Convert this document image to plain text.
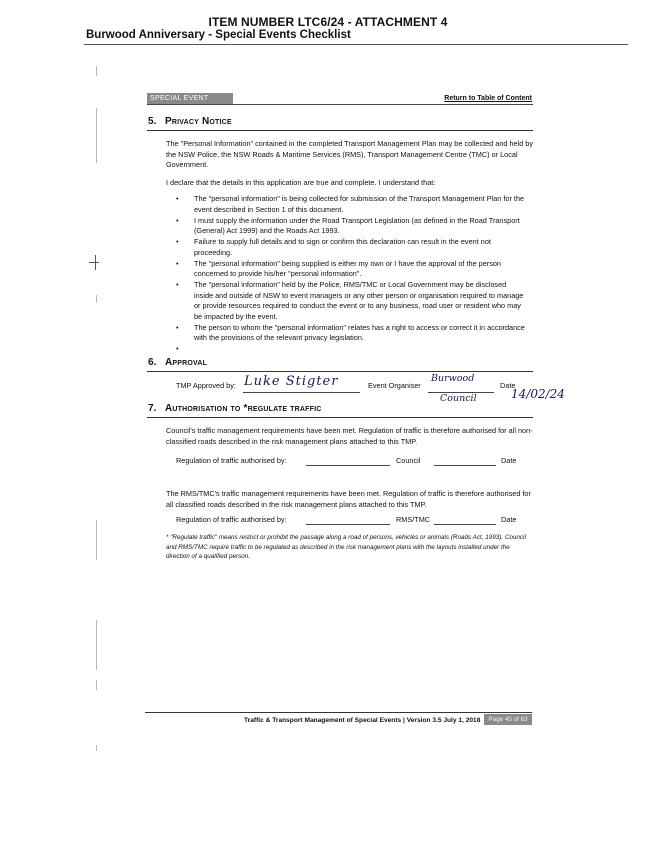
ITEM NUMBER LTC6/24 - ATTACHMENT 4
Burwood Anniversary - Special Events Checklist
SPECIAL EVENT GUIDE
Return to Table of Content
5. Privacy Notice
The "Personal Information" contained in the completed Transport Management Plan may be collected and held by the NSW Police, the NSW Roads & Maritime Services (RMS), Transport Management Centre (TMC) or Local Government.
I declare that the details in this application are true and complete. I understand that:
• The "personal information" is being collected for submission of the Transport Management Plan for the event described in Section 1 of this document.
• I must supply the information under the Road Transport Legislation (as defined in the Road Transport (General) Act 1999) and the Roads Act 1993.
• Failure to supply full details and to sign or confirm this declaration can result in the event not proceeding.
• The "personal information" being supplied is either my own or I have the approval of the person concerned to provide his/her "personal information".
• The "personal information" held by the Police, RMS/TMC or Local Government may be disclosed inside and outside of NSW to event managers or any other person or organisation required to manage or provide resources required to conduct the event or to any business, road user or resident who may be impacted by the event.
• The person to whom the "personal information" relates has a right to access or correct it in accordance with the provisions of the relevant privacy legislation.
•

6. Approval
TMP Approved by: Luke Stigter	Event Organiser
Burwood
Council
Date
14/02/24
7. Authorisation to *regulate traffic
Council's traffic management requirements have been met. Regulation of traffic is therefore authorised for all non-classified roads described in the risk management plans attached to this TMP.
Regulation of traffic authorised by:	Council	Date
The RMS/TMC's traffic management requirements have been met. Regulation of traffic is therefore authorised for all classified roads described in the risk management plans attached to this TMP.
Regulation of traffic authorised by:	RMS/TMC	Date
* "Regulate traffic" means restrict or prohibit the passage along a road of persons, vehicles or animals (Roads Act, 1993). Council and RMS/TMC require traffic to be regulated as described in the risk management plans with the layouts installed under the direction of a qualified person.
Traffic & Transport Management of Special Events | Version 3.5 July 1, 2018	Page 45 of 63
